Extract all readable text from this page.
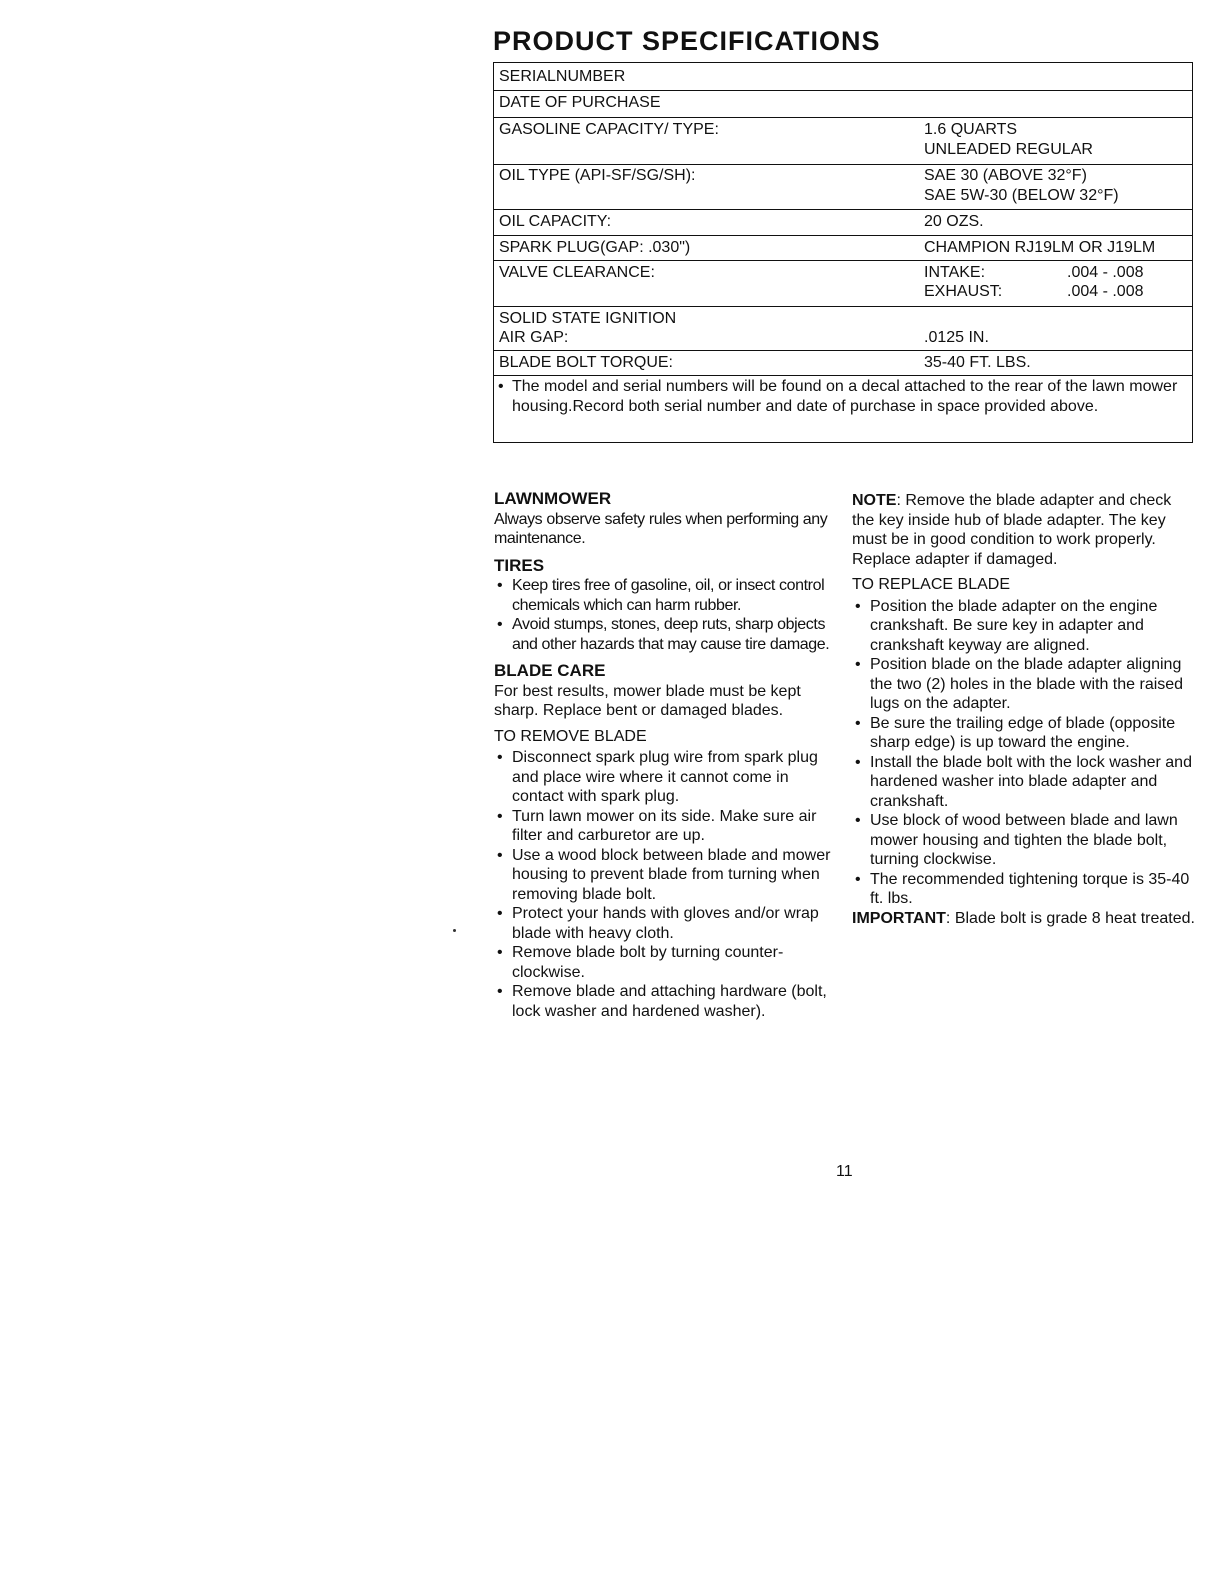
PRODUCT SPECIFICATIONS
SERIALNUMBER
DATE OF PURCHASE
GASOLINE CAPACITY/ TYPE:	1.6 QUARTS
UNLEADED REGULAR
OIL TYPE (API-SF/SG/SH):	SAE 30 (ABOVE 32°F)
SAE 5W-30 (BELOW 32°F)
OIL CAPACITY:	20 OZS.
SPARK PLUG(GAP: .030")	CHAMPION RJ19LM OR J19LM
VALVE CLEARANCE:	INTAKE:	.004 - .008
EXHAUST:	.004 - .008
SOLID STATE IGNITION
AIR GAP:	.0125 IN.
BLADE BOLT TORQUE:	35-40 FT. LBS.
• The model and serial numbers will be found on a decal attached to the rear of the lawn mower housing.Record both serial number and date of purchase in space provided above.
LAWNMOWER

Always observe safety rules when performing any maintenance.

TIRES
• Keep tires free of gasoline, oil, or insect control chemicals which can harm rubber.
• Avoid stumps, stones, deep ruts, sharp objects and other hazards that may cause tire damage.
BLADE CARE

For best results, mower blade must be kept sharp. Replace bent or damaged blades.

TO REMOVE BLADE
• Disconnect spark plug wire from spark plug and place wire where it cannot come in contact with spark plug.
• Turn lawn mower on its side. Make sure air filter and carburetor are up.
• Use a wood block between blade and mower housing to prevent blade from turning when removing blade bolt.
• Protect your hands with gloves and/or wrap blade with heavy cloth.
• Remove blade bolt by turning counter-clockwise.
• Remove blade and attaching hardware (bolt, lock washer and hardened washer).

NOTE: Remove the blade adapter and check the key inside hub of blade adapter. The key must be in good condition to work properly. Replace adapter if damaged.

TO REPLACE BLADE
• Position the blade adapter on the engine crankshaft. Be sure key in adapter and crankshaft keyway are aligned.
• Position blade on the blade adapter aligning the two (2) holes in the blade with the raised lugs on the adapter.
• Be sure the trailing edge of blade (opposite sharp edge) is up toward the engine.
• Install the blade bolt with the lock washer and hardened washer into blade adapter and crankshaft.
• Use block of wood between blade and lawn mower housing and tighten the blade bolt, turning clockwise.
• The recommended tightening torque is 35-40 ft. lbs.

IMPORTANT: Blade bolt is grade 8 heat treated.

11
